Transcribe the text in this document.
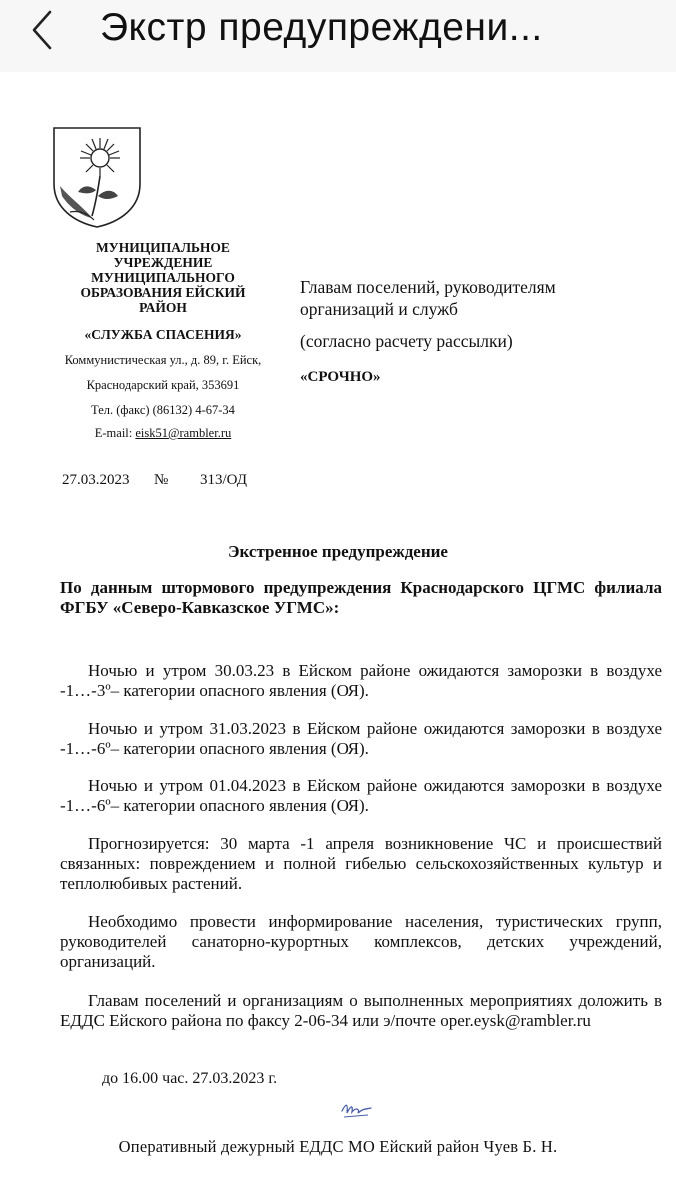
Экстр предупреждени...
МУНИЦИПАЛЬНОЕ УЧРЕЖДЕНИЕ МУНИЦИПАЛЬНОГО ОБРАЗОВАНИЯ ЕЙСКИЙ РАЙОН
«СЛУЖБА СПАСЕНИЯ»
Коммунистическая ул., д. 89, г. Ейск,
Краснодарский край, 353691
Тел. (факс) (86132) 4-67-34
E-mail: eisk51@rambler.ru
27.03.2023 № 313/ОД
Главам поселений, руководителям организаций и служб
(согласно расчету рассылки)
«СРОЧНО»
Экстренное предупреждение
По данным штормового предупреждения Краснодарского ЦГМС филиала ФГБУ «Северо-Кавказское УГМС»:
Ночью и утром 30.03.23 в Ейском районе ожидаются заморозки в воздухе -1…-3º– категории опасного явления (ОЯ).
Ночью и утром 31.03.2023 в Ейском районе ожидаются заморозки в воздухе -1…-6º– категории опасного явления (ОЯ).
Ночью и утром 01.04.2023 в Ейском районе ожидаются заморозки в воздухе -1…-6º– категории опасного явления (ОЯ).
Прогнозируется: 30 марта -1 апреля возникновение ЧС и происшествий связанных: повреждением и полной гибелью сельскохозяйственных культур и теплолюбивых растений.
Необходимо провести информирование населения, туристических групп, руководителей санаторно-курортных комплексов, детских учреждений, организаций.
Главам поселений и организациям о выполненных мероприятиях доложить в ЕДДС Ейского района по факсу 2-06-34 или э/почте oper.eysk@rambler.ru
до 16.00 час. 27.03.2023 г.
Оперативный дежурный ЕДДС МО Ейский район Чуев Б. Н.
